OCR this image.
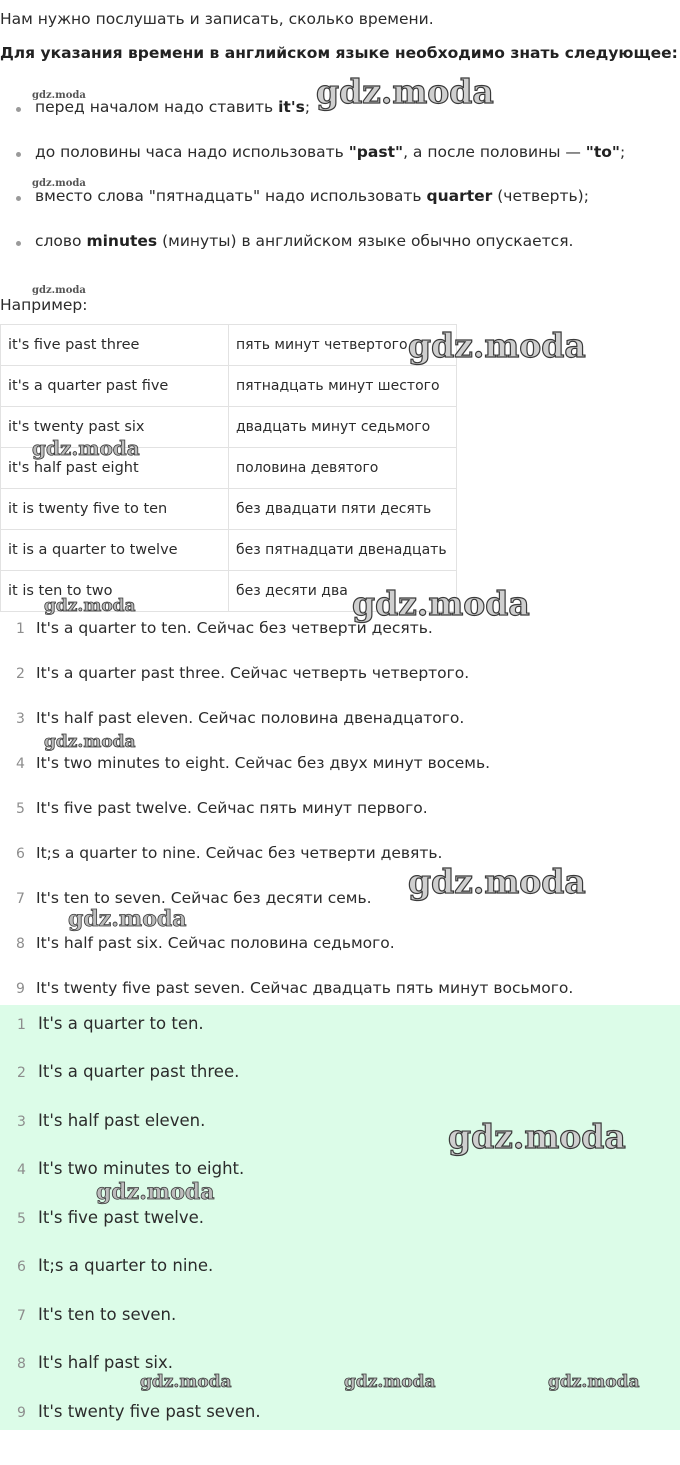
Нам нужно послушать и записать, сколько времени.
Для указания времени в английском языке необходимо знать следующее:
перед началом надо ставить it's;
до половины часа надо использовать "past", а после половины — "to";
вместо слова "пятнадцать" надо использовать quarter (четверть);
слово minutes (минуты) в английском языке обычно опускается.
Например:
it's five past three	пять минут четвертого
it's a quarter past five	пятнадцать минут шестого
it's twenty past six	двадцать минут седьмого
it's half past eight	половина девятого
it is twenty five to ten	без двадцати пяти десять
it is a quarter to twelve	без пятнадцати двенадцать
it is ten to two	без десяти два
1 It's a quarter to ten. Сейчас без четверти десять.
2 It's a quarter past three. Сейчас четверть четвертого.
3 It's half past eleven. Сейчас половина двенадцатого.
4 It's two minutes to eight. Сейчас без двух минут восемь.
5 It's five past twelve. Сейчас пять минут первого.
6 It;s a quarter to nine. Сейчас без четверти девять.
7 It's ten to seven. Сейчас без десяти семь.
8 It's half past six. Сейчас половина седьмого.
9 It's twenty five past seven. Сейчас двадцать пять минут восьмого.
1 It's a quarter to ten.
2 It's a quarter past three.
3 It's half past eleven.
4 It's two minutes to eight.
5 It's five past twelve.
6 It;s a quarter to nine.
7 It's ten to seven.
8 It's half past six.
9 It's twenty five past seven.
gdz.moda	gdz.moda
gdz.moda
gdz.moda
gdz.moda
gdz.moda
gdz.moda
gdz.moda
gdz.moda
gdz.moda
gdz.moda
gdz.moda
gdz.moda
gdz.moda	gdz.moda	gdz.moda
